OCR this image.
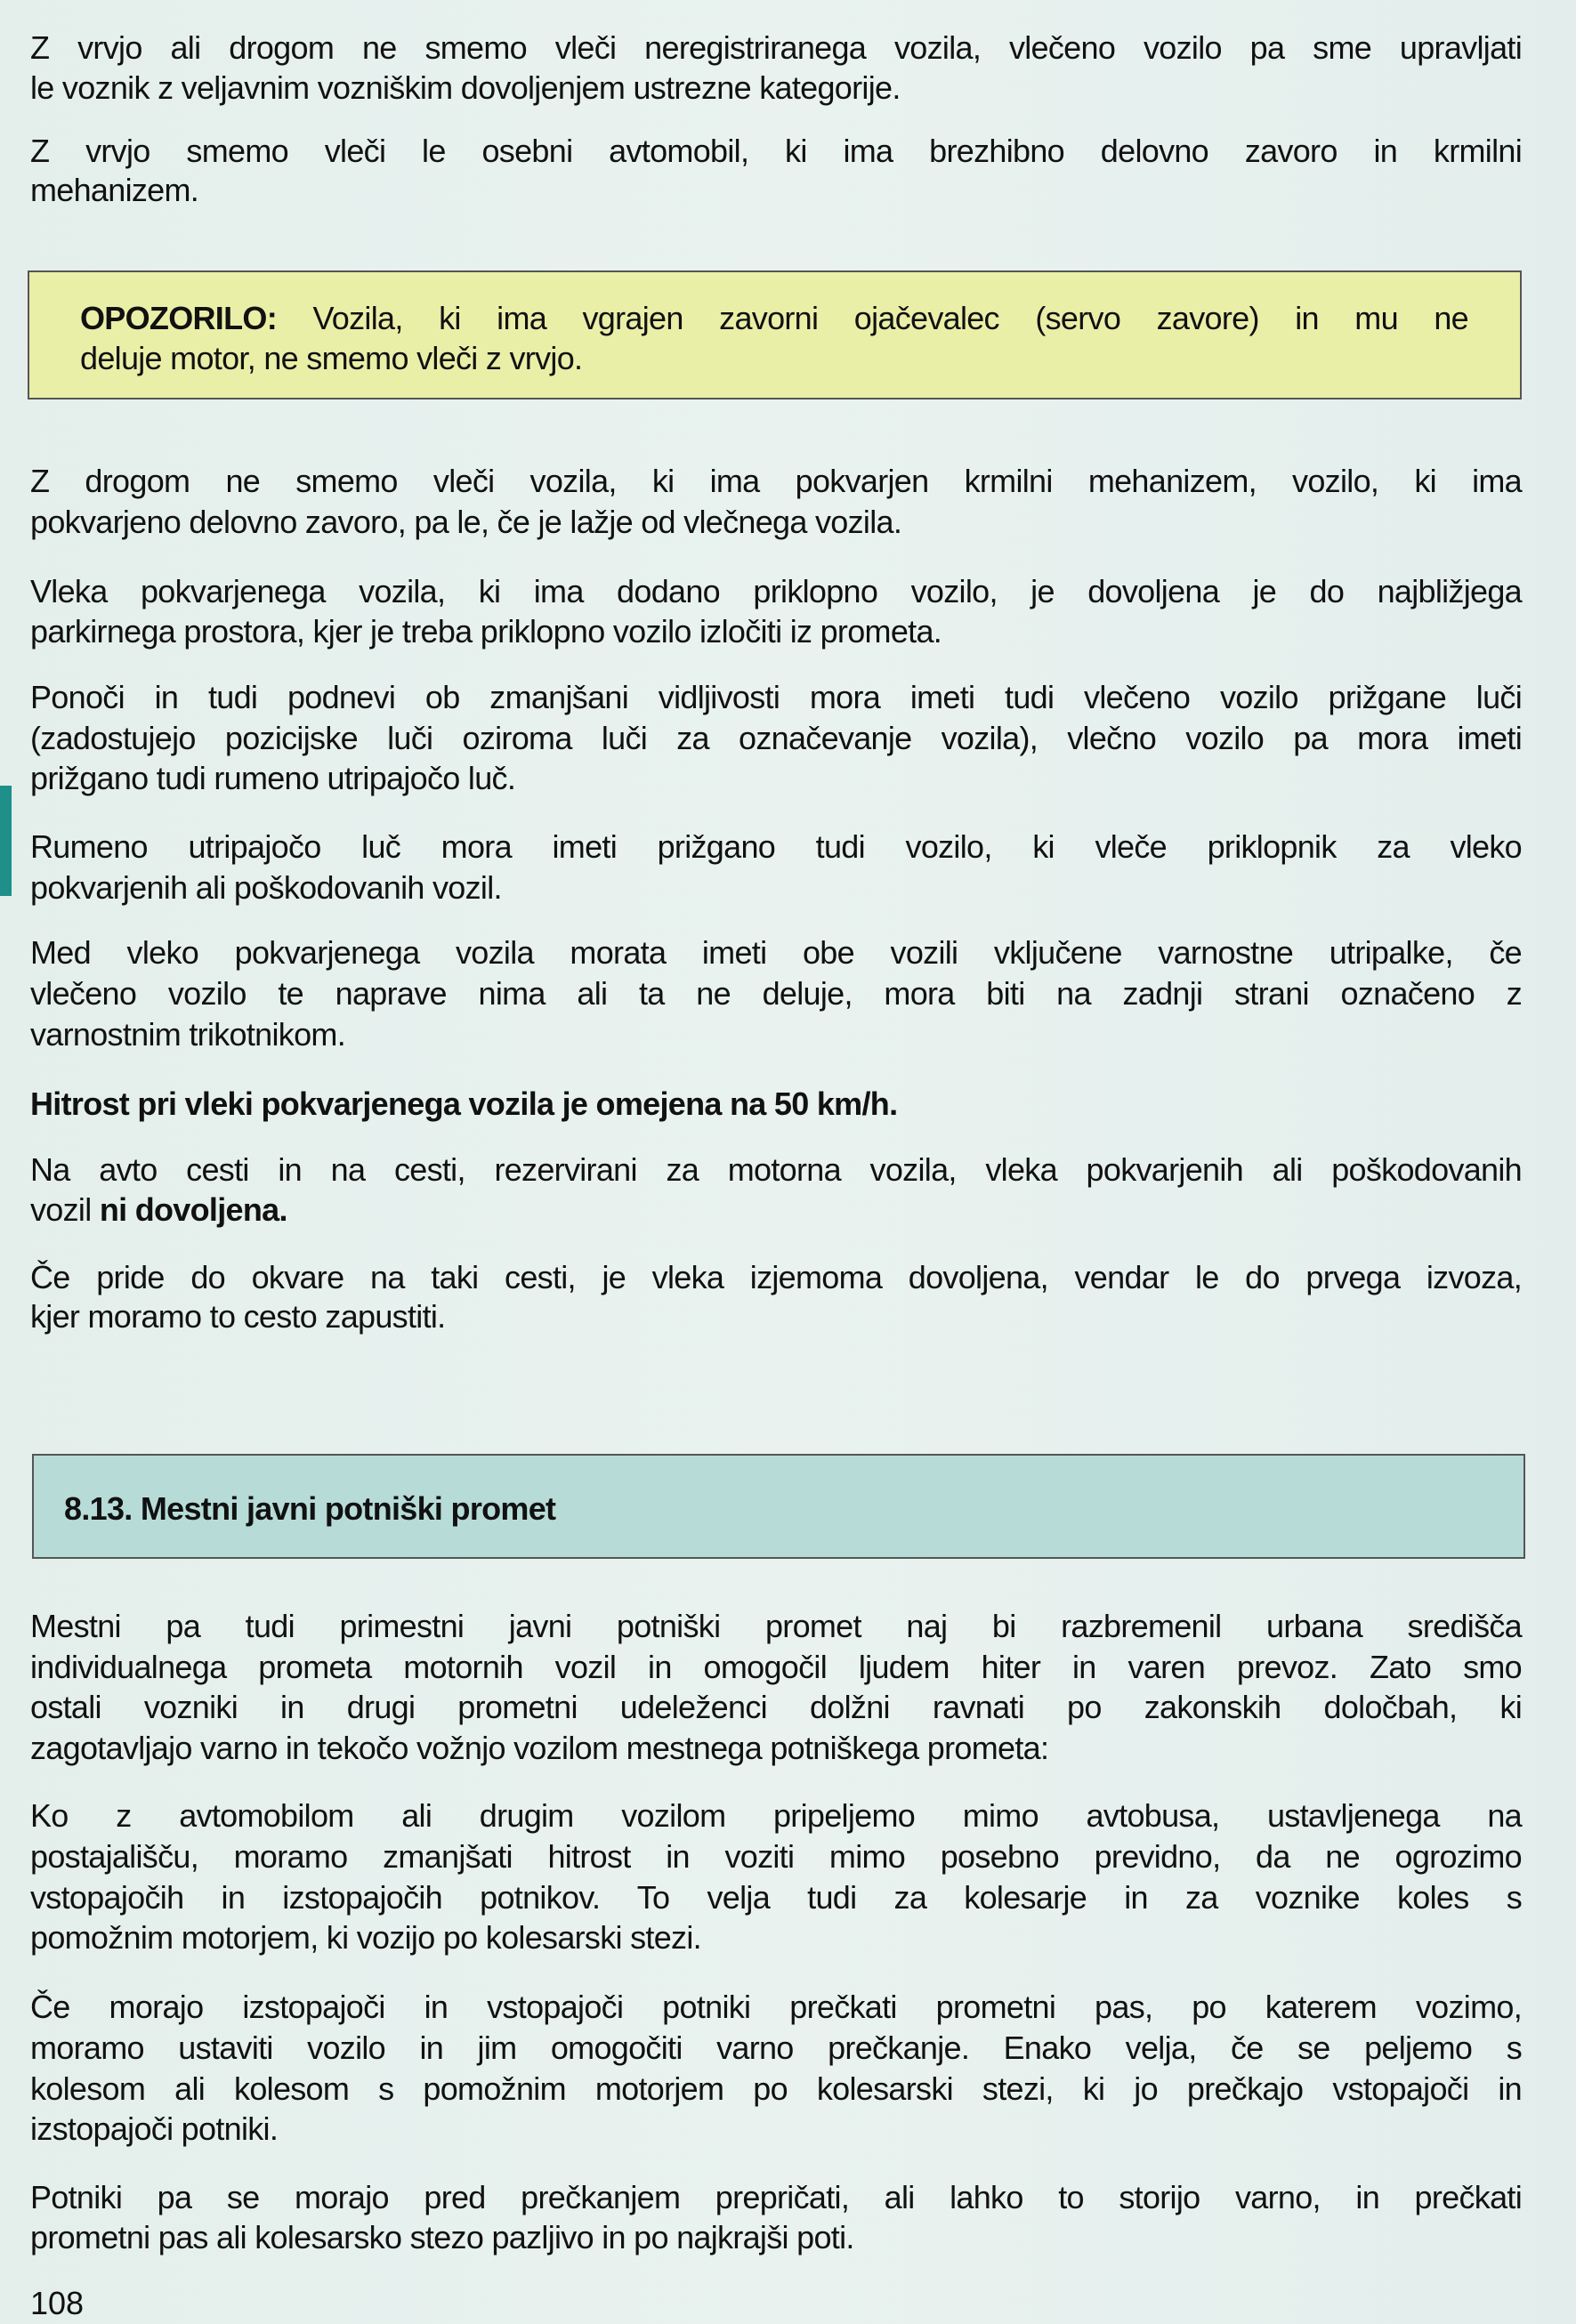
8.13. Mestni javni potniški promet
Z vrvjo ali drogom ne smemo vleči neregistriranega vozila, vlečeno vozilo pa sme upravljati
le voznik z veljavnim vozniškim dovoljenjem ustrezne kategorije.
Z vrvjo smemo vleči le osebni avtomobil, ki ima brezhibno delovno zavoro in krmilni
mehanizem.
OPOZORILO: Vozila, ki ima vgrajen zavorni ojačevalec (servo zavore) in mu ne
deluje motor, ne smemo vleči z vrvjo.
Z drogom ne smemo vleči vozila, ki ima pokvarjen krmilni mehanizem, vozilo, ki ima
pokvarjeno delovno zavoro, pa le, če je lažje od vlečnega vozila.
Vleka pokvarjenega vozila, ki ima dodano priklopno vozilo, je dovoljena je do najbližjega
parkirnega prostora, kjer je treba priklopno vozilo izločiti iz prometa.
Ponoči in tudi podnevi ob zmanjšani vidljivosti mora imeti tudi vlečeno vozilo prižgane luči
(zadostujejo pozicijske luči oziroma luči za označevanje vozila), vlečno vozilo pa mora imeti
prižgano tudi rumeno utripajočo luč.
Rumeno utripajočo luč mora imeti prižgano tudi vozilo, ki vleče priklopnik za vleko
pokvarjenih ali poškodovanih vozil.
Med vleko pokvarjenega vozila morata imeti obe vozili vključene varnostne utripalke, če
vlečeno vozilo te naprave nima ali ta ne deluje, mora biti na zadnji strani označeno z
varnostnim trikotnikom.
Hitrost pri vleki pokvarjenega vozila je omejena na 50 km/h.
Na avto cesti in na cesti, rezervirani za motorna vozila, vleka pokvarjenih ali poškodovanih
vozil ni dovoljena.
Če pride do okvare na taki cesti, je vleka izjemoma dovoljena, vendar le do prvega izvoza,
kjer moramo to cesto zapustiti.
Mestni pa tudi primestni javni potniški promet naj bi razbremenil urbana središča
individualnega prometa motornih vozil in omogočil ljudem hiter in varen prevoz. Zato smo
ostali vozniki in drugi prometni udeleženci dolžni ravnati po zakonskih določbah, ki
zagotavljajo varno in tekočo vožnjo vozilom mestnega potniškega prometa:
Ko z avtomobilom ali drugim vozilom pripeljemo mimo avtobusa, ustavljenega na
postajališču, moramo zmanjšati hitrost in voziti mimo posebno previdno, da ne ogrozimo
vstopajočih in izstopajočih potnikov. To velja tudi za kolesarje in za voznike koles s
pomožnim motorjem, ki vozijo po kolesarski stezi.
Če morajo izstopajoči in vstopajoči potniki prečkati prometni pas, po katerem vozimo,
moramo ustaviti vozilo in jim omogočiti varno prečkanje. Enako velja, če se peljemo s
kolesom ali kolesom s pomožnim motorjem po kolesarski stezi, ki jo prečkajo vstopajoči in
izstopajoči potniki.
Potniki pa se morajo pred prečkanjem prepričati, ali lahko to storijo varno, in prečkati
prometni pas ali kolesarsko stezo pazljivo in po najkrajši poti.
108
